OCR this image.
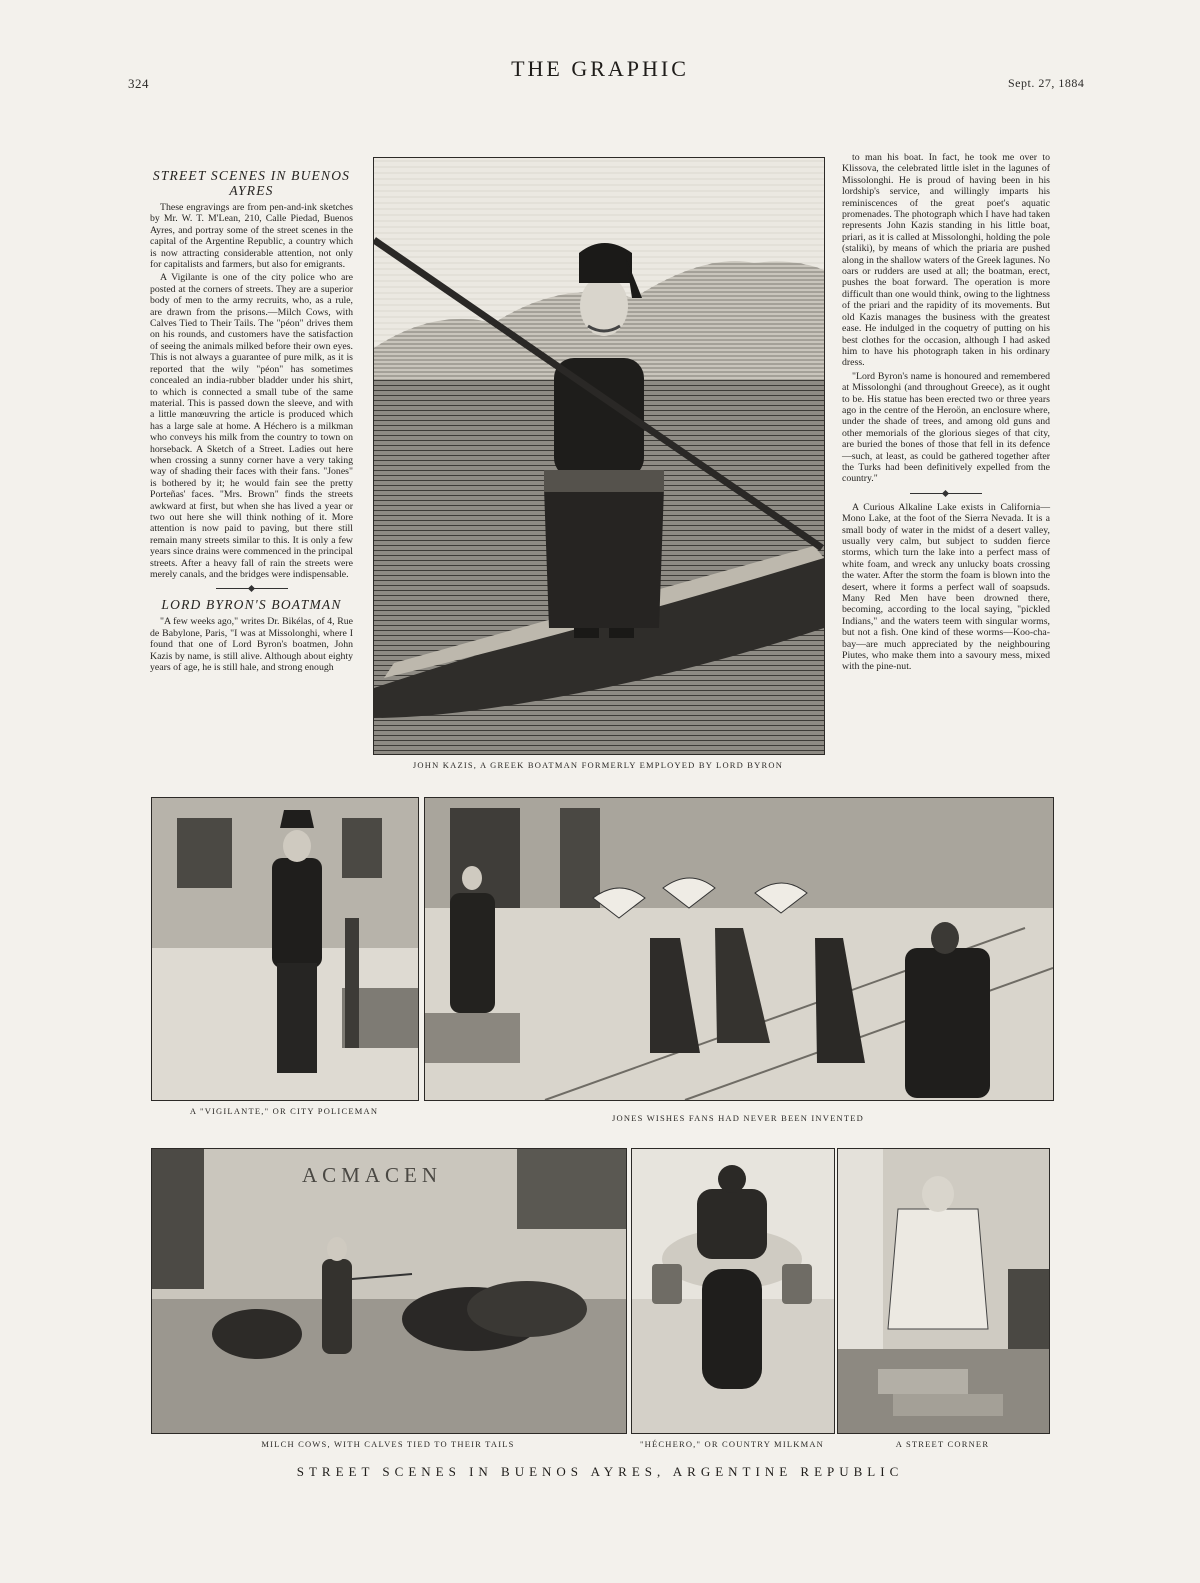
324
THE GRAPHIC
Sept. 27, 1884
STREET SCENES IN BUENOS AYRES

These engravings are from pen-and-ink sketches by Mr. W. T. M'Lean, 210, Calle Piedad, Buenos Ayres, and portray some of the street scenes in the capital of the Argentine Republic, a country which is now attracting considerable attention, not only for capitalists and farmers, but also for emigrants.

A Vigilante is one of the city police who are posted at the corners of streets. They are a superior body of men to the army recruits, who, as a rule, are drawn from the prisons.—Milch Cows, with Calves Tied to Their Tails. The "péon" drives them on his rounds, and customers have the satisfaction of seeing the animals milked before their own eyes. This is not always a guarantee of pure milk, as it is reported that the wily "péon" has sometimes concealed an india-rubber bladder under his shirt, to which is connected a small tube of the same material. This is passed down the sleeve, and with a little manœuvring the article is produced which has a large sale at home. A Héchero is a milkman who conveys his milk from the country to town on horseback. A Sketch of a Street. Ladies out here when crossing a sunny corner have a very taking way of shading their faces with their fans. "Jones" is bothered by it; he would fain see the pretty Porteñas' faces. "Mrs. Brown" finds the streets awkward at first, but when she has lived a year or two out here she will think nothing of it. More attention is now paid to paving, but there still remain many streets similar to this. It is only a few years since drains were commenced in the principal streets. After a heavy fall of rain the streets were merely canals, and the bridges were indispensable.

LORD BYRON'S BOATMAN

"A few weeks ago," writes Dr. Bikélas, of 4, Rue de Babylone, Paris, "I was at Missolonghi, where I found that one of Lord Byron's boatmen, John Kazis by name, is still alive. Although about eighty years of age, he is still hale, and strong enough

to man his boat. In fact, he took me over to Klissova, the celebrated little islet in the lagunes of Missolonghi. He is proud of having been in his lordship's service, and willingly imparts his reminiscences of the great poet's aquatic promenades. The photograph which I have had taken represents John Kazis standing in his little boat, priari, as it is called at Missolonghi, holding the pole (staliki), by means of which the priaria are pushed along in the shallow waters of the Greek lagunes. No oars or rudders are used at all; the boatman, erect, pushes the boat forward. The operation is more difficult than one would think, owing to the lightness of the priari and the rapidity of its movements. But old Kazis manages the business with the greatest ease. He indulged in the coquetry of putting on his best clothes for the occasion, although I had asked him to have his photograph taken in his ordinary dress.

"Lord Byron's name is honoured and remembered at Missolonghi (and throughout Greece), as it ought to be. His statue has been erected two or three years ago in the centre of the Heroön, an enclosure where, under the shade of trees, and among old guns and other memorials of the glorious sieges of that city, are buried the bones of those that fell in its defence—such, at least, as could be gathered together after the Turks had been definitively expelled from the country."

A Curious Alkaline Lake exists in California—Mono Lake, at the foot of the Sierra Nevada. It is a small body of water in the midst of a desert valley, usually very calm, but subject to sudden fierce storms, which turn the lake into a perfect mass of white foam, and wreck any unlucky boats crossing the water. After the storm the foam is blown into the desert, where it forms a perfect wall of soapsuds. Many Red Men have been drowned there, becoming, according to the local saying, "pickled Indians," and the waters teem with singular worms, but not a fish. One kind of these worms—Koo-cha-bay—are much appreciated by the neighbouring Piutes, who make them into a savoury mess, mixed with the pine-nut.

JOHN KAZIS, A GREEK BOATMAN FORMERLY EMPLOYED BY LORD BYRON
A "VIGILANTE," OR CITY POLICEMAN
JONES WISHES FANS HAD NEVER BEEN INVENTED
ACMACEN
MILCH COWS, WITH CALVES TIED TO THEIR TAILS	"HÉCHERO," OR COUNTRY MILKMAN	A STREET CORNER
STREET SCENES IN BUENOS AYRES, ARGENTINE REPUBLIC
